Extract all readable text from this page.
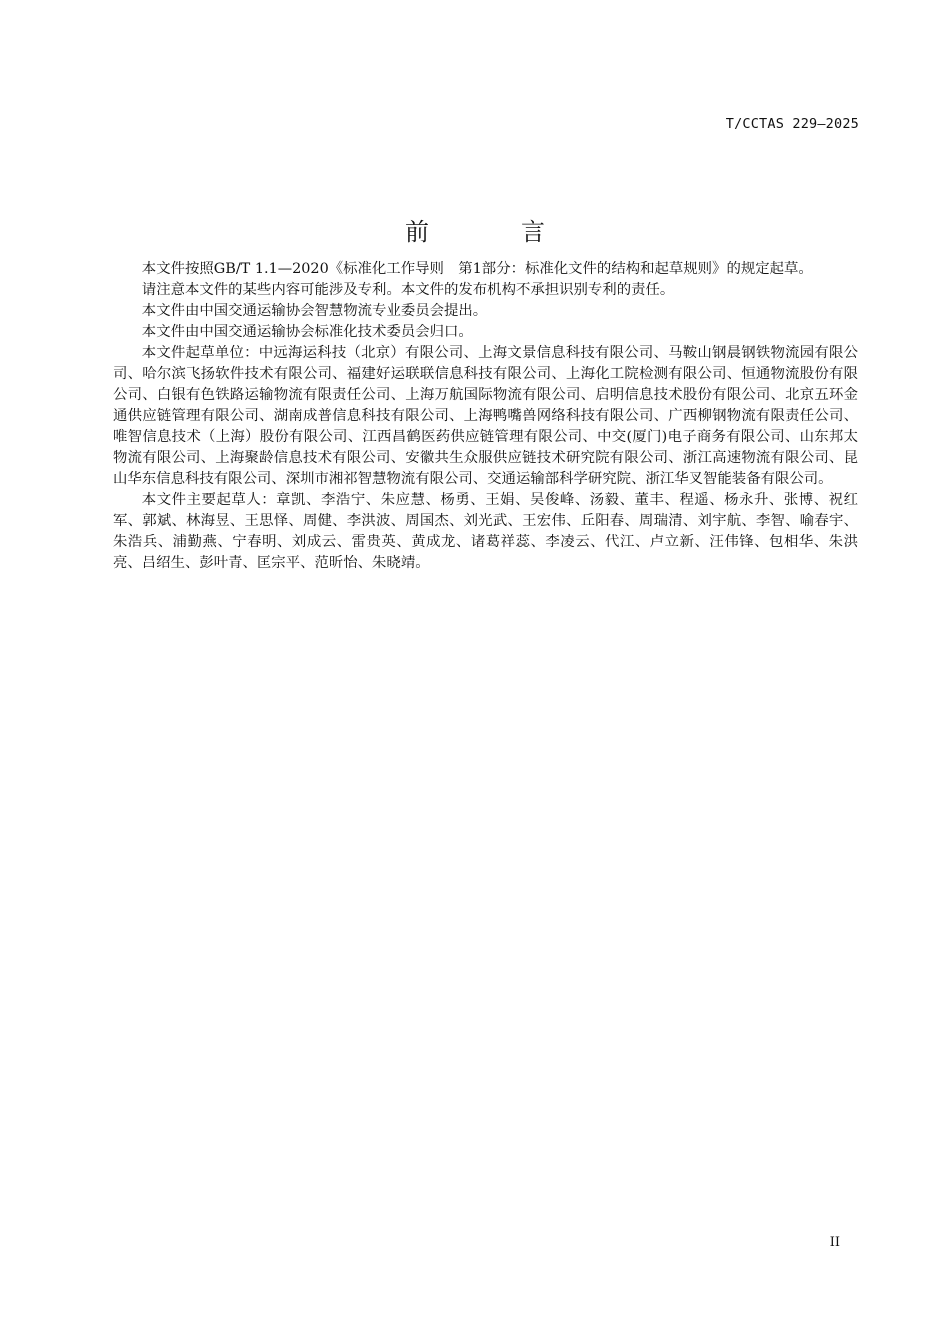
T/CCTAS 229—2025
前　言

本文件按照GB/T 1.1—2020《标准化工作导则　第1部分：标准化文件的结构和起草规则》的规定起草。

请注意本文件的某些内容可能涉及专利。本文件的发布机构不承担识别专利的责任。

本文件由中国交通运输协会智慧物流专业委员会提出。

本文件由中国交通运输协会标准化技术委员会归口。

本文件起草单位：中远海运科技（北京）有限公司、上海文景信息科技有限公司、马鞍山钢晨钢铁物流园有限公司、哈尔滨飞扬软件技术有限公司、福建好运联联信息科技有限公司、上海化工院检测有限公司、恒通物流股份有限公司、白银有色铁路运输物流有限责任公司、上海万航国际物流有限公司、启明信息技术股份有限公司、北京五环金通供应链管理有限公司、湖南成普信息科技有限公司、上海鸭嘴兽网络科技有限公司、广西柳钢物流有限责任公司、唯智信息技术（上海）股份有限公司、江西昌鹤医药供应链管理有限公司、中交(厦门)电子商务有限公司、山东邦太物流有限公司、上海聚龄信息技术有限公司、安徽共生众服供应链技术研究院有限公司、浙江高速物流有限公司、昆山华东信息科技有限公司、深圳市湘祁智慧物流有限公司、交通运输部科学研究院、浙江华叉智能装备有限公司。

本文件主要起草人：章凯、李浩宁、朱应慧、杨勇、王娟、吴俊峰、汤毅、董丰、程遥、杨永升、张博、祝红军、郭斌、林海昱、王思怿、周健、李洪波、周国杰、刘光武、王宏伟、丘阳春、周瑞清、刘宇航、李智、喻春宇、朱浩兵、浦勤燕、宁春明、刘成云、雷贵英、黄成龙、诸葛祥蕊、李凌云、代江、卢立新、汪伟锋、包相华、朱洪亮、吕绍生、彭叶青、匡宗平、范昕怡、朱晓靖。

II
